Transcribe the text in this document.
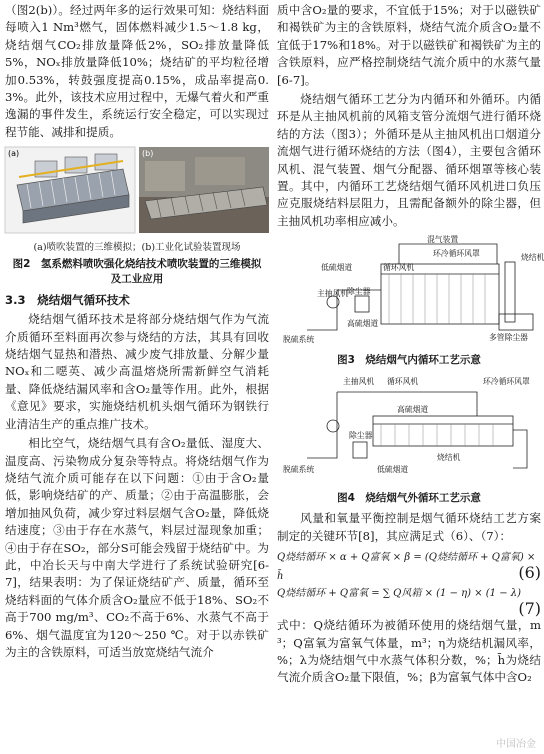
（图2(b)）。经过两年多的运行效果可知：烧结料面每喷入1 Nm³燃气，固体燃料减少1.5～1.8 kg，烧结烟气CO₂排放量降低2%，SO₂排放量降低5%，NOₓ排放量降低10%；烧结矿的平均粒径增加0.53%，转鼓强度提高0.15%，成品率提高0.3%。此外，该技术应用过程中，无爆气着火和严重逸漏的事件发生，系统运行安全稳定，可以实现过程节能、减排和提质。

(a)	(b)
(a)喷吹装置的三维模拟；(b)工业化试验装置现场
图2　氢系燃料喷吹强化烧结技术喷吹装置的三维模拟
及工业应用
3.3　烧结烟气循环技术

烧结烟气循环技术是将部分烧结烟气作为气流介质循环至料面再次参与烧结的方法，其具有回收烧结烟气显热和潜热、减少废气排放量、分解少量NOₓ和二噁英、减少高温熔烧所需新鲜空气消耗量、降低烧结漏风率和含O₂量等作用。此外，根据《意见》要求，实施烧结机机头烟气循环为钢铁行业清洁生产的重点推广技术。

相比空气，烧结烟气具有含O₂量低、湿度大、温度高、污染物成分复杂等特点。将烧结烟气作为烧结气流介质可能存在以下问题：①由于含O₂量低，影响烧结矿的产、质量；②由于高温膨胀，会增加抽风负荷，减少穿过料层烟气含O₂量，降低烧结速度；③由于存在水蒸气，料层过湿现象加重；④由于存在SO₂，部分S可能会残留于烧结矿中。为此，中冶长天与中南大学进行了系统试验研究[6-7]，结果表明：为了保证烧结矿产、质量，循环至烧结料面的气体介质含O₂量应不低于18%、SO₂不高于700 mg/m³、CO₂不高于6%、水蒸气不高于6%、烟气温度宜为120～250 ℃。对于以赤铁矿为主的含铁原料，可适当放宽烧结气流介

质中含O₂量的要求，不宜低于15%；对于以磁铁矿和褐铁矿为主的含铁原料，烧结气流介质含O₂量不宜低于17%和18%。对于以磁铁矿和褐铁矿为主的含铁原料，应严格控制烧结气流介质中的水蒸气量[6-7]。

烧结烟气循环工艺分为内循环和外循环。内循环是从主抽风机前的风箱支管分流烟气进行循环烧结的方法（图3）；外循环是从主抽风机出口烟道分流烟气进行循环烧结的方法（图4），主要包含循环风机、混气装置、烟气分配器、循环烟罩等核心装置。其中，内循环工艺烧结烟气循环风机进口负压应克服烧结料层阻力，且需配备额外的除尘器，但主抽风机功率相应减小。

混气装置
环冷循环风罩
低硫烟道	循环风机
烧结机
主抽风机
除尘器
多管除尘器
高硫烟道
脱硫系统
图3　烧结烟气内循环工艺示意
主抽风机 循环风机	环冷循环风罩
高硫烟道
烧结机
除尘器
低硫烟道
脱硫系统
图4　烧结烟气外循环工艺示意

风量和氧量平衡控制是烟气循环烧结工艺方案制定的关键环节[8]，其应满足式（6）、（7）：

Q烧结循环 × α + Q富氧 × β = (Q烧结循环 + Q富氧) × h̄	(6)
Q烧结循环 + Q富氧 = ∑ Q风箱 × (1 − η) × (1 − λ)
(7)

式中：Q烧结循环为被循环使用的烧结烟气量，m³；Q富氧为富氧气体量，m³；η为烧结机漏风率，%；λ为烧结烟气中水蒸气体积分数，%；h̄为烧结气流介质含O₂量下限值，%；β为富氧气体中含O₂

中国冶金
